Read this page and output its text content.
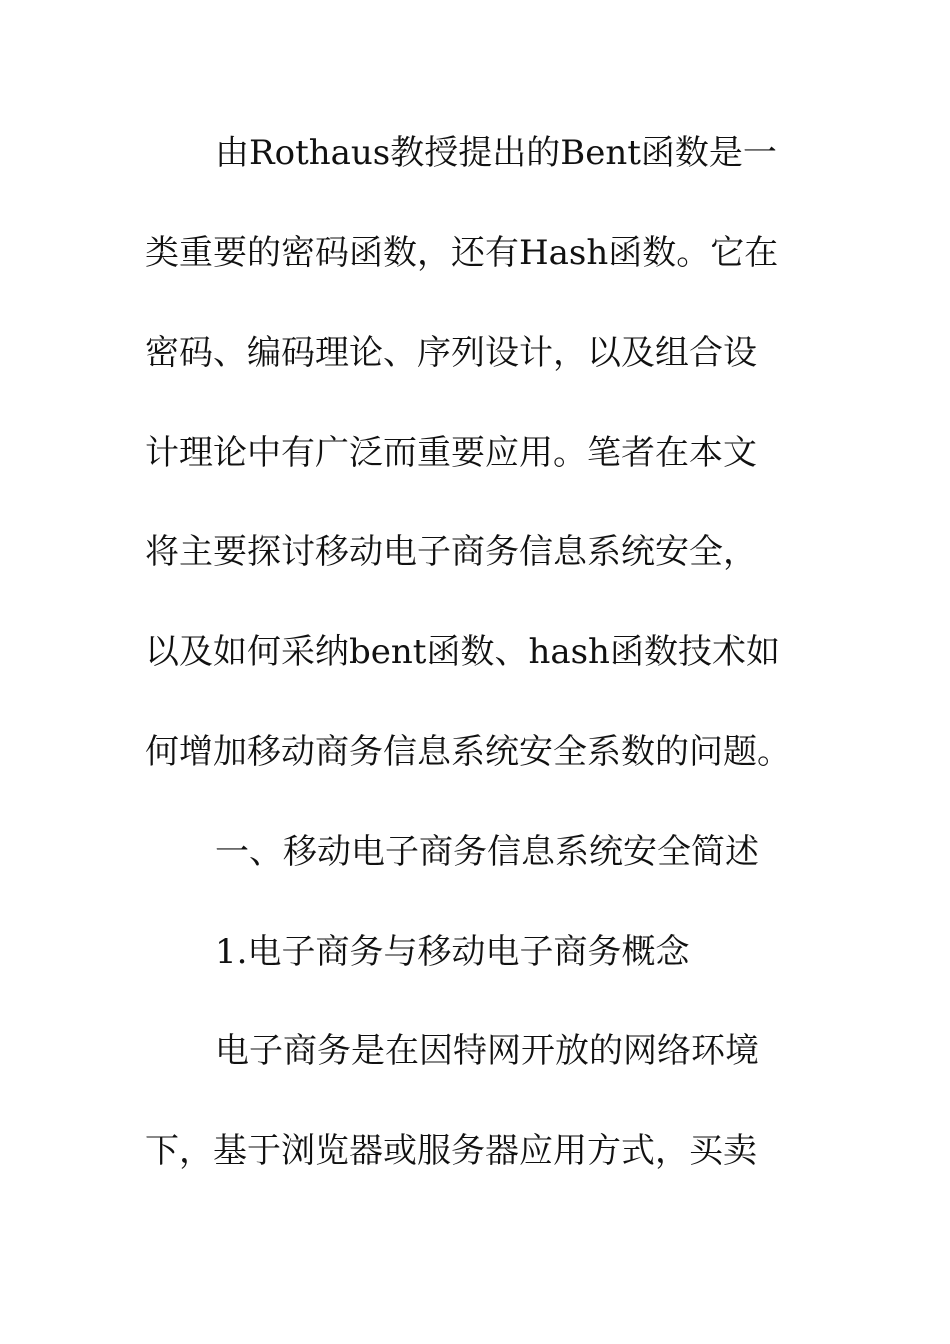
由Rothaus教授提出的Bent函数是一
类重要的密码函数，还有Hash函数。它在
密码、编码理论、序列设计，以及组合设
计理论中有广泛而重要应用。笔者在本文
将主要探讨移动电子商务信息系统安全，
以及如何采纳bent函数、hash函数技术如
何增加移动商务信息系统安全系数的问题。
一、移动电子商务信息系统安全简述
1.电子商务与移动电子商务概念
电子商务是在因特网开放的网络环境
下，基于浏览器或服务器应用方式，买卖
